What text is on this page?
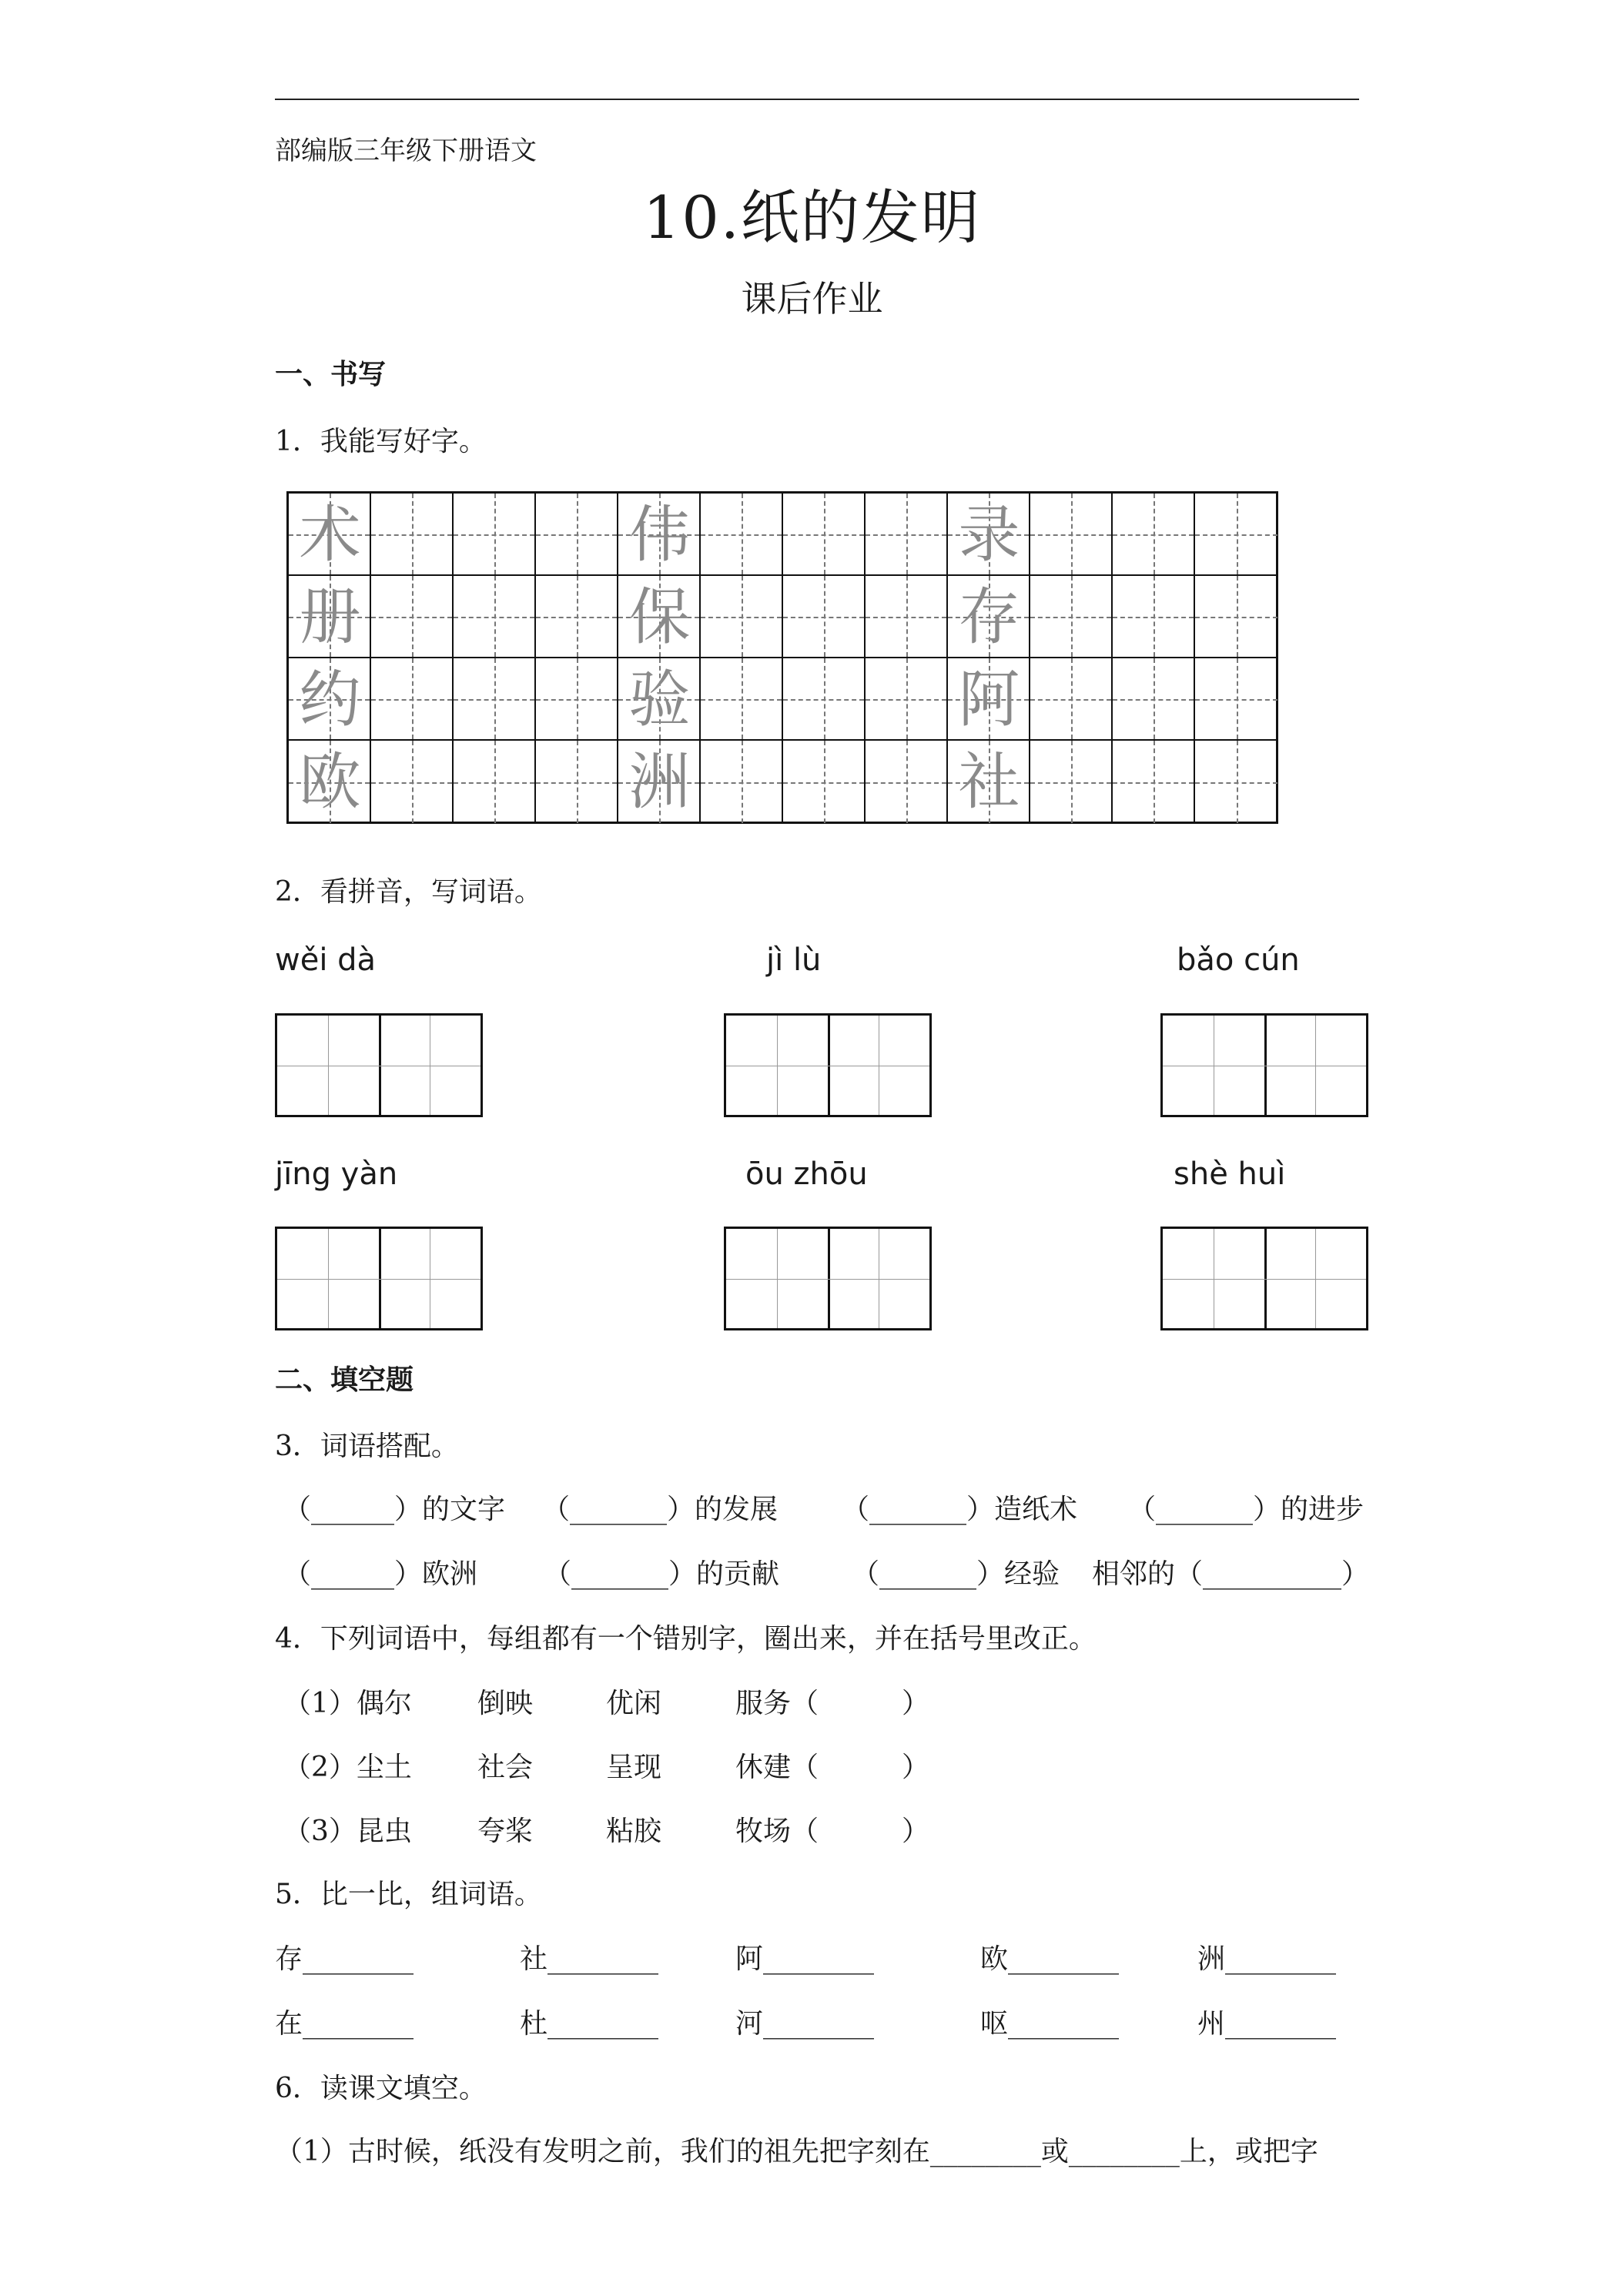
部编版三年级下册语文
10.纸的发明
课后作业
一、书写
1．我能写好字。
术	伟	录
册	保	存
约	验	阿
欧	洲	社
2．看拼音，写词语。
wěi dà	jì lù	bǎo cún
jīng yàn	ōu zhōu	shè huì
二、填空题
3．词语搭配。
（______）的文字 （_______）的发展 （_______）造纸术 （_______）的进步
（______）欧洲 （_______）的贡献	（_______）经验 相邻的（__________）
4．下列词语中，每组都有一个错别字，圈出来，并在括号里改正。
（1）偶尔 倒映	优闲	服务（　　　）
（2）尘土 社会	呈现	休建（　　　）
（3）昆虫 夸桨	粘胶	牧场（　　　）
5．比一比，组词语。
存________	社________	阿________	欧________	洲________
在________	杜________	河________	呕________	州________
6．读课文填空。
（1）古时候，纸没有发明之前，我们的祖先把字刻在________或________上，或把字
